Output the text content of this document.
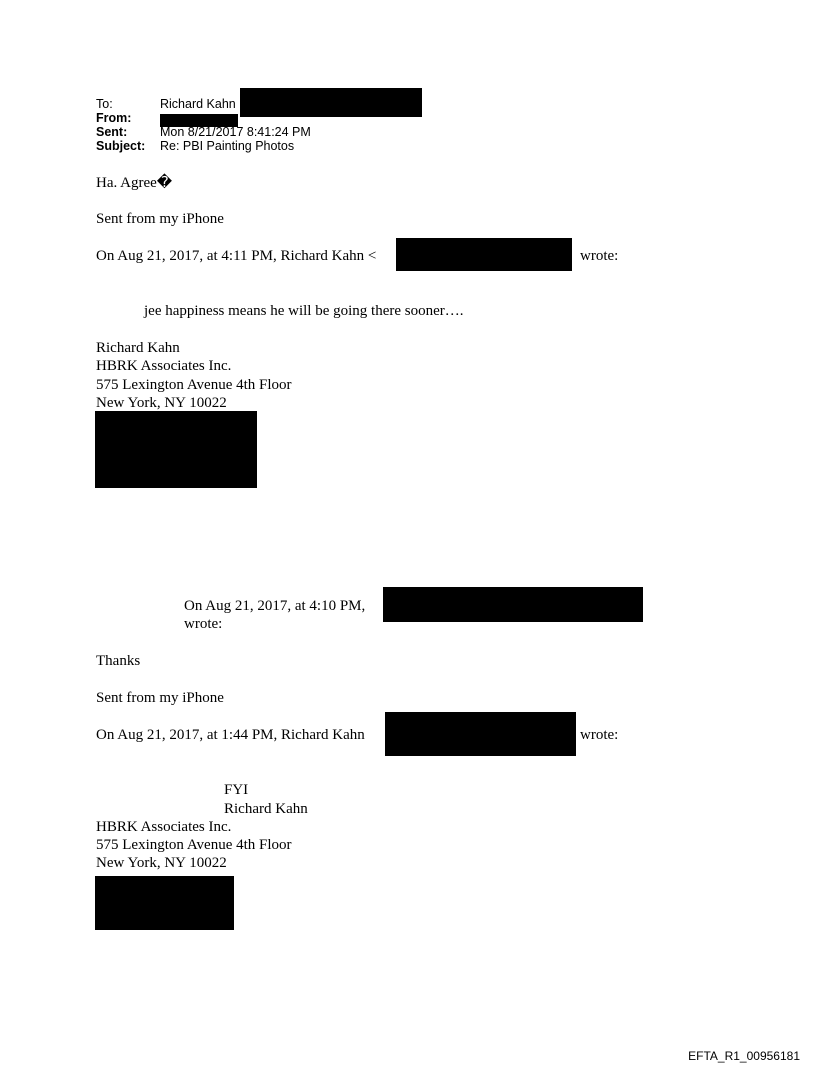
To:	Richard Kahn
From:
Sent:	Mon 8/21/2017 8:41:24 PM
Subject: Re: PBI Painting Photos
Ha. Agree�
Sent from my iPhone
On Aug 21, 2017, at 4:11 PM, Richard Kahn <	wrote:
jee happiness means he will be going there sooner….
Richard Kahn
HBRK Associates Inc.
575 Lexington Avenue 4th Floor
New York, NY 10022
On Aug 21, 2017, at 4:10 PM,
wrote:
Thanks
Sent from my iPhone
On Aug 21, 2017, at 1:44 PM, Richard Kahn	wrote:
FYI
Richard Kahn
HBRK Associates Inc.
575 Lexington Avenue 4th Floor
New York, NY 10022
EFTA_R1_00956181
